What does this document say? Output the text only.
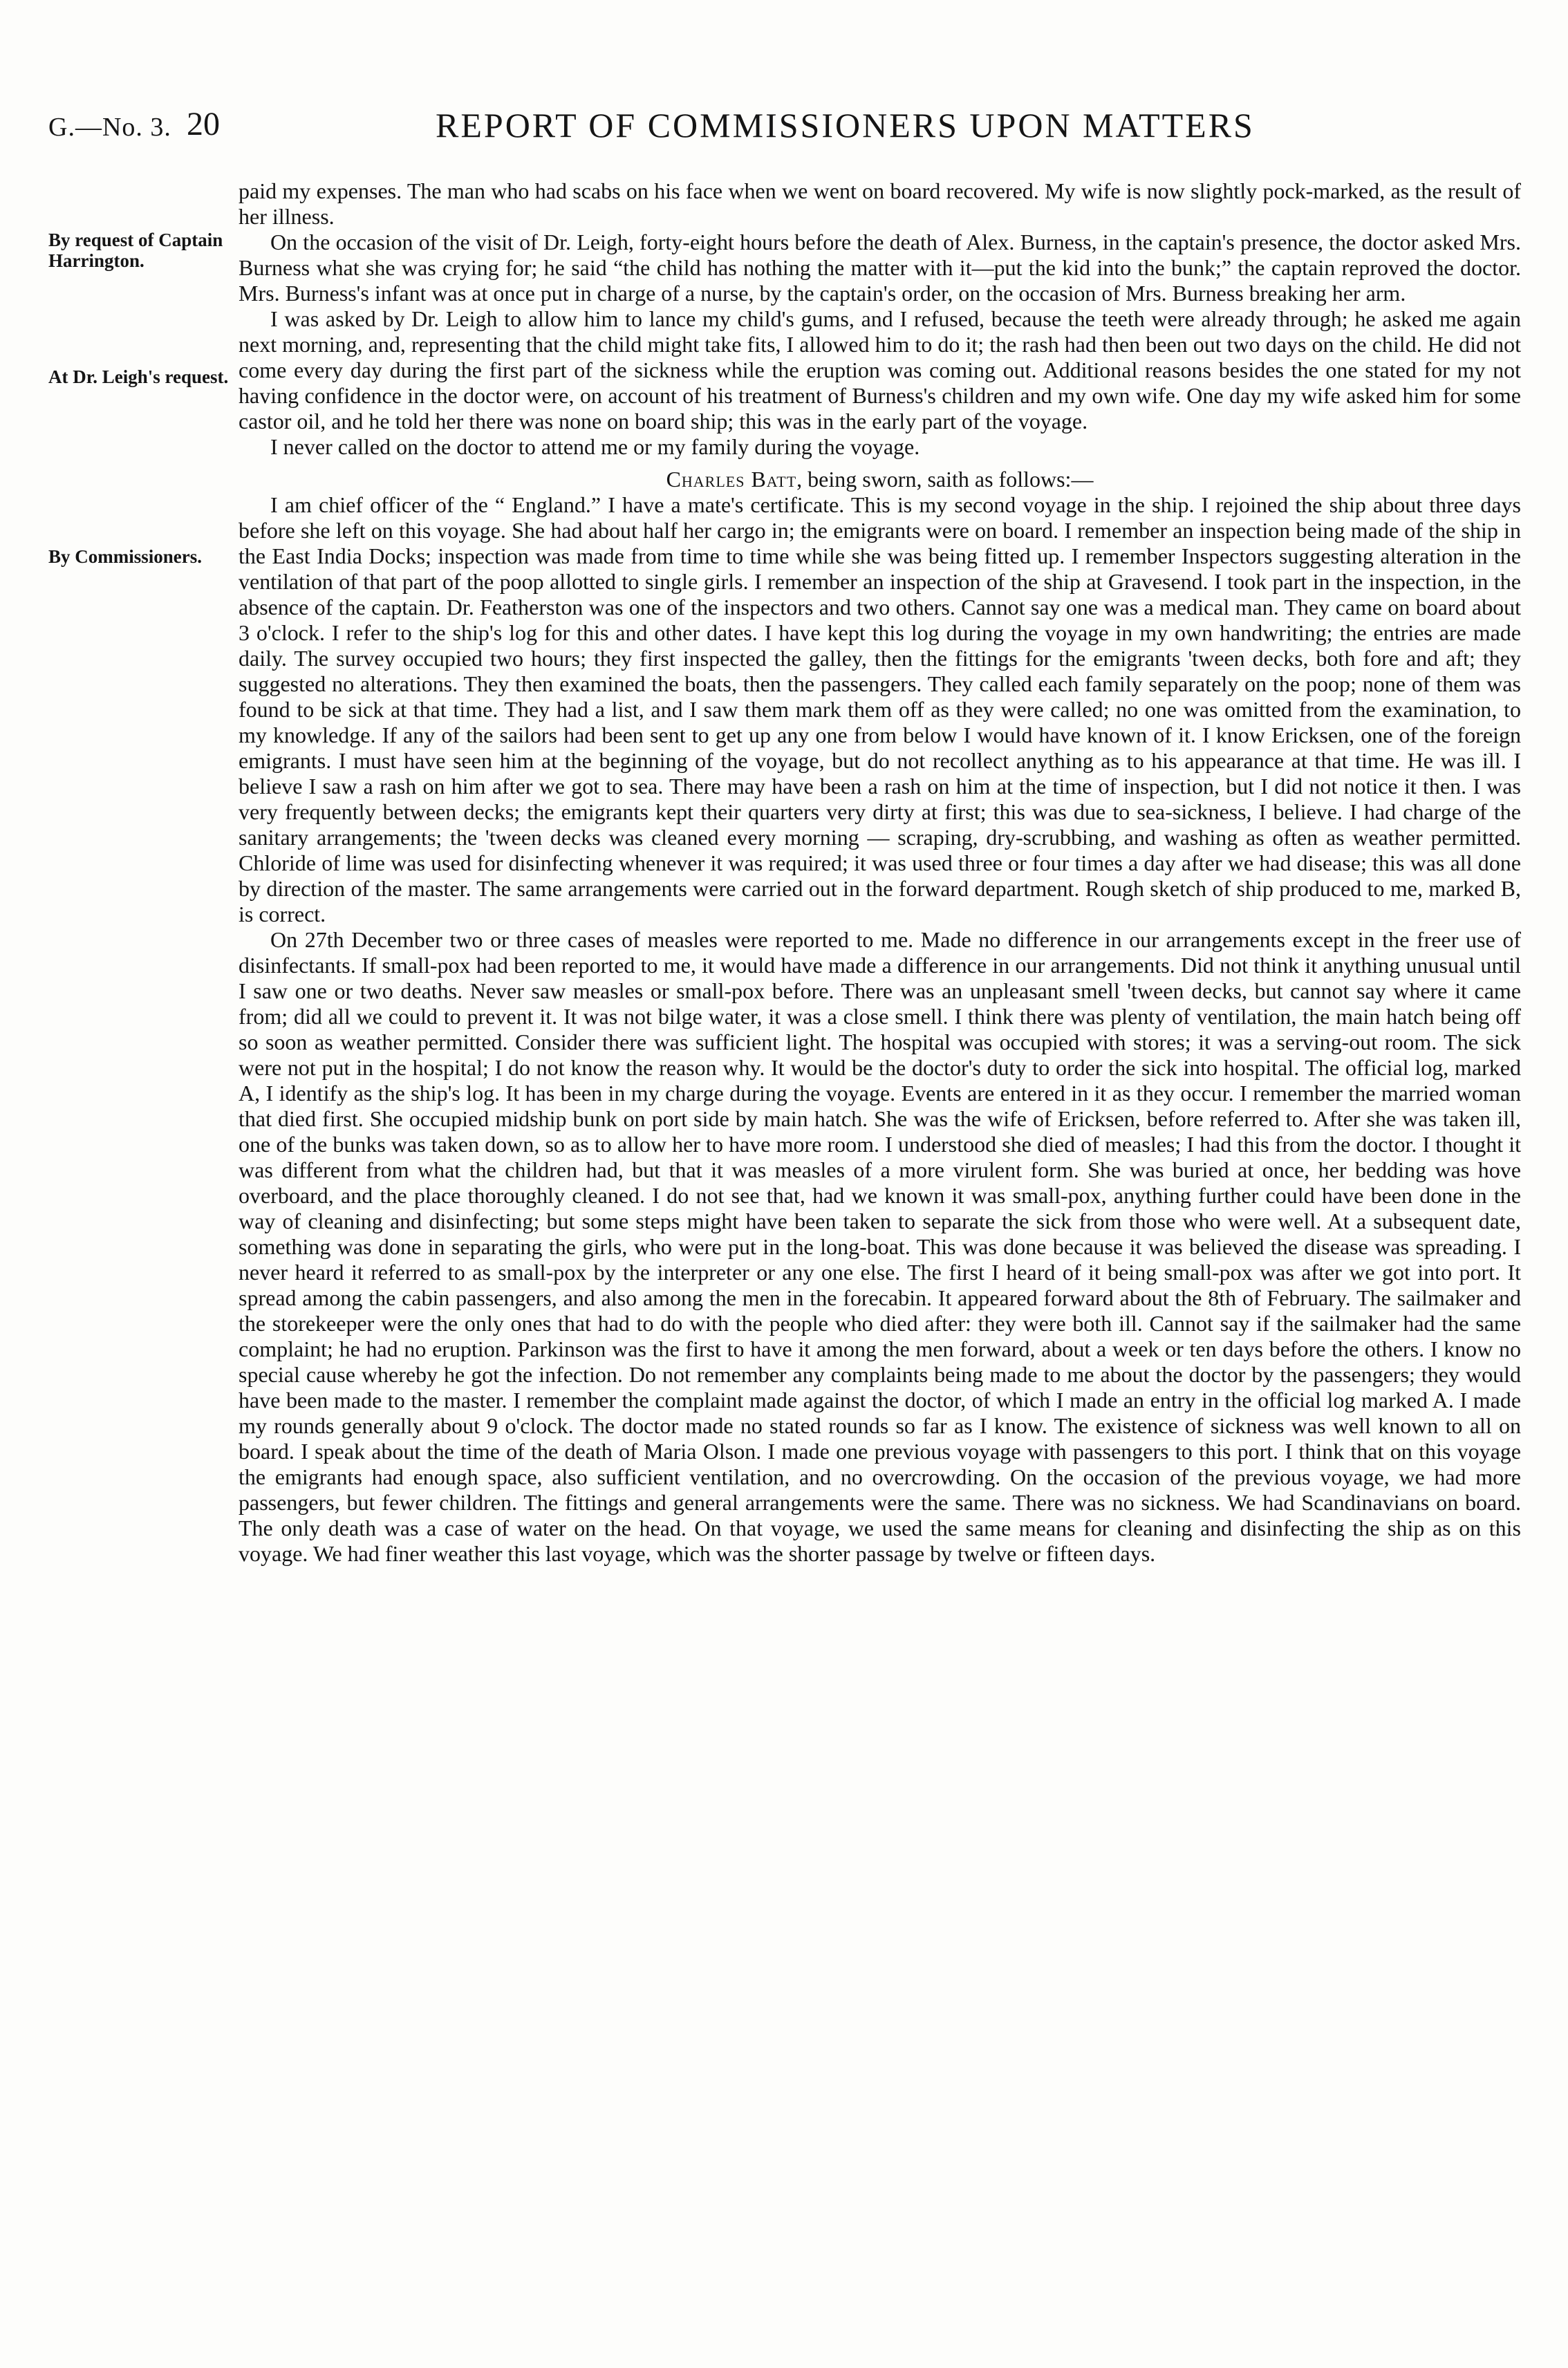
G.—No. 3. 20	REPORT OF COMMISSIONERS UPON MATTERS
By request of Captain Harrington.
At Dr. Leigh's request.
By Commissioners.

paid my expenses. The man who had scabs on his face when we went on board recovered. My wife is now slightly pock-marked, as the result of her illness.

On the occasion of the visit of Dr. Leigh, forty-eight hours before the death of Alex. Burness, in the captain's presence, the doctor asked Mrs. Burness what she was crying for; he said “the child has nothing the matter with it—put the kid into the bunk;” the captain reproved the doctor. Mrs. Burness's infant was at once put in charge of a nurse, by the captain's order, on the occasion of Mrs. Burness breaking her arm.

I was asked by Dr. Leigh to allow him to lance my child's gums, and I refused, because the teeth were already through; he asked me again next morning, and, representing that the child might take fits, I allowed him to do it; the rash had then been out two days on the child. He did not come every day during the first part of the sickness while the eruption was coming out. Additional reasons besides the one stated for my not having confidence in the doctor were, on account of his treatment of Burness's children and my own wife. One day my wife asked him for some castor oil, and he told her there was none on board ship; this was in the early part of the voyage.

I never called on the doctor to attend me or my family during the voyage.

Charles Batt, being sworn, saith as follows:—

I am chief officer of the “ England.” I have a mate's certificate. This is my second voyage in the ship. I rejoined the ship about three days before she left on this voyage. She had about half her cargo in; the emigrants were on board. I remember an inspection being made of the ship in the East India Docks; inspection was made from time to time while she was being fitted up. I remember Inspectors suggesting alteration in the ventilation of that part of the poop allotted to single girls. I remember an inspection of the ship at Gravesend. I took part in the inspection, in the absence of the captain. Dr. Featherston was one of the inspectors and two others. Cannot say one was a medical man. They came on board about 3 o'clock. I refer to the ship's log for this and other dates. I have kept this log during the voyage in my own handwriting; the entries are made daily. The survey occupied two hours; they first inspected the galley, then the fittings for the emigrants 'tween decks, both fore and aft; they suggested no alterations. They then examined the boats, then the passengers. They called each family separately on the poop; none of them was found to be sick at that time. They had a list, and I saw them mark them off as they were called; no one was omitted from the examination, to my knowledge. If any of the sailors had been sent to get up any one from below I would have known of it. I know Ericksen, one of the foreign emigrants. I must have seen him at the beginning of the voyage, but do not recollect anything as to his appearance at that time. He was ill. I believe I saw a rash on him after we got to sea. There may have been a rash on him at the time of inspection, but I did not notice it then. I was very frequently between decks; the emigrants kept their quarters very dirty at first; this was due to sea-sickness, I believe. I had charge of the sanitary arrangements; the 'tween decks was cleaned every morning — scraping, dry-scrubbing, and washing as often as weather permitted. Chloride of lime was used for disinfecting whenever it was required; it was used three or four times a day after we had disease; this was all done by direction of the master. The same arrangements were carried out in the forward department. Rough sketch of ship produced to me, marked B, is correct.

On 27th December two or three cases of measles were reported to me. Made no difference in our arrangements except in the freer use of disinfectants. If small-pox had been reported to me, it would have made a difference in our arrangements. Did not think it anything unusual until I saw one or two deaths. Never saw measles or small-pox before. There was an unpleasant smell 'tween decks, but cannot say where it came from; did all we could to prevent it. It was not bilge water, it was a close smell. I think there was plenty of ventilation, the main hatch being off so soon as weather permitted. Consider there was sufficient light. The hospital was occupied with stores; it was a serving-out room. The sick were not put in the hospital; I do not know the reason why. It would be the doctor's duty to order the sick into hospital. The official log, marked A, I identify as the ship's log. It has been in my charge during the voyage. Events are entered in it as they occur. I remember the married woman that died first. She occupied midship bunk on port side by main hatch. She was the wife of Ericksen, before referred to. After she was taken ill, one of the bunks was taken down, so as to allow her to have more room. I understood she died of measles; I had this from the doctor. I thought it was different from what the children had, but that it was measles of a more virulent form. She was buried at once, her bedding was hove overboard, and the place thoroughly cleaned. I do not see that, had we known it was small-pox, anything further could have been done in the way of cleaning and disinfecting; but some steps might have been taken to separate the sick from those who were well. At a subsequent date, something was done in separating the girls, who were put in the long-boat. This was done because it was believed the disease was spreading. I never heard it referred to as small-pox by the interpreter or any one else. The first I heard of it being small-pox was after we got into port. It spread among the cabin passengers, and also among the men in the forecabin. It appeared forward about the 8th of February. The sailmaker and the storekeeper were the only ones that had to do with the people who died after: they were both ill. Cannot say if the sailmaker had the same complaint; he had no eruption. Parkinson was the first to have it among the men forward, about a week or ten days before the others. I know no special cause whereby he got the infection. Do not remember any complaints being made to me about the doctor by the passengers; they would have been made to the master. I remember the complaint made against the doctor, of which I made an entry in the official log marked A. I made my rounds generally about 9 o'clock. The doctor made no stated rounds so far as I know. The existence of sickness was well known to all on board. I speak about the time of the death of Maria Olson. I made one previous voyage with passengers to this port. I think that on this voyage the emigrants had enough space, also sufficient ventilation, and no overcrowding. On the occasion of the previous voyage, we had more passengers, but fewer children. The fittings and general arrangements were the same. There was no sickness. We had Scandinavians on board. The only death was a case of water on the head. On that voyage, we used the same means for cleaning and disinfecting the ship as on this voyage. We had finer weather this last voyage, which was the shorter passage by twelve or fifteen days.
